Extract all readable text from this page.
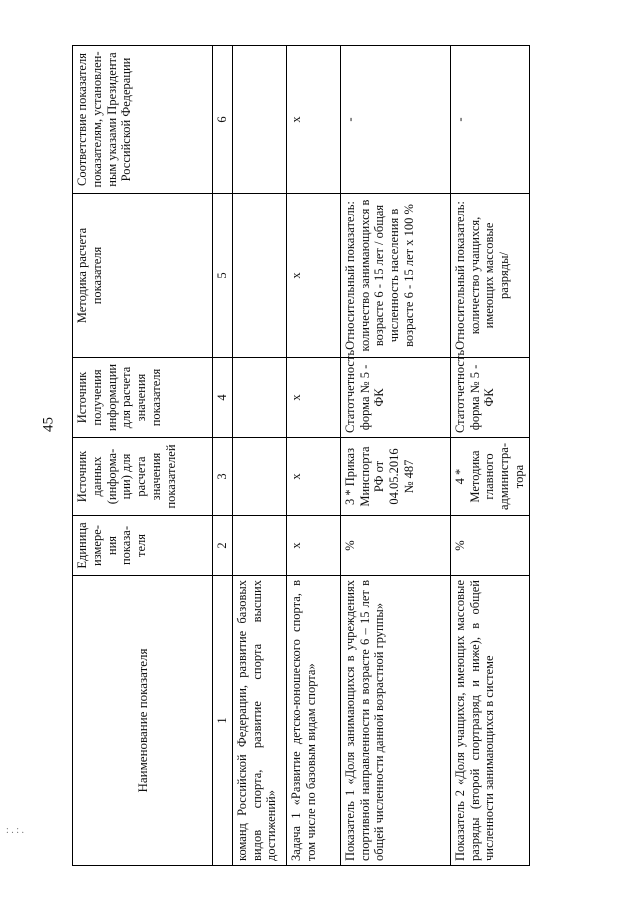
45
: . : .
Наименование показателя	Единица измере-ния показа-теля	Источник данных (информа-ции) для расчета значения показателей	Источник получения информации для расчета значения показателя	Методика расчета показателя	Соответствие показателя показателям, установлен-ным указами Президента Российской Федерации
1	2	3	4	5	6
команд Российской Федерации, развитие базовых видов спорта, развитие спорта высших достижений»					
Задача 1 «Развитие детско-юношеского спорта, в том числе по базовым видам спорта»	х	х	х	х	х
Показатель 1 «Доля занимающихся в учреждениях спортивной направленности в возрасте 6 – 15 лет в общей численности данной возрастной группы»	%	3 * Приказ Минспорта РФ от 04.05.2016 № 487	Статотчетность форма № 5 - ФК	Относительный показатель: количество занимающихся в возрасте 6 - 15 лет / общая численность населения в возрасте 6 - 15 лет х 100 %	-
Показатель 2 «Доля учащихся, имеющих массовые разряды (второй спортразряд и ниже), в общей численности занимающихся в системе	%	4 * Методика главного администра-тора	Статотчетность форма № 5 - ФК	Относительный показатель: количество учащихся, имеющих массовые разряды/	-
